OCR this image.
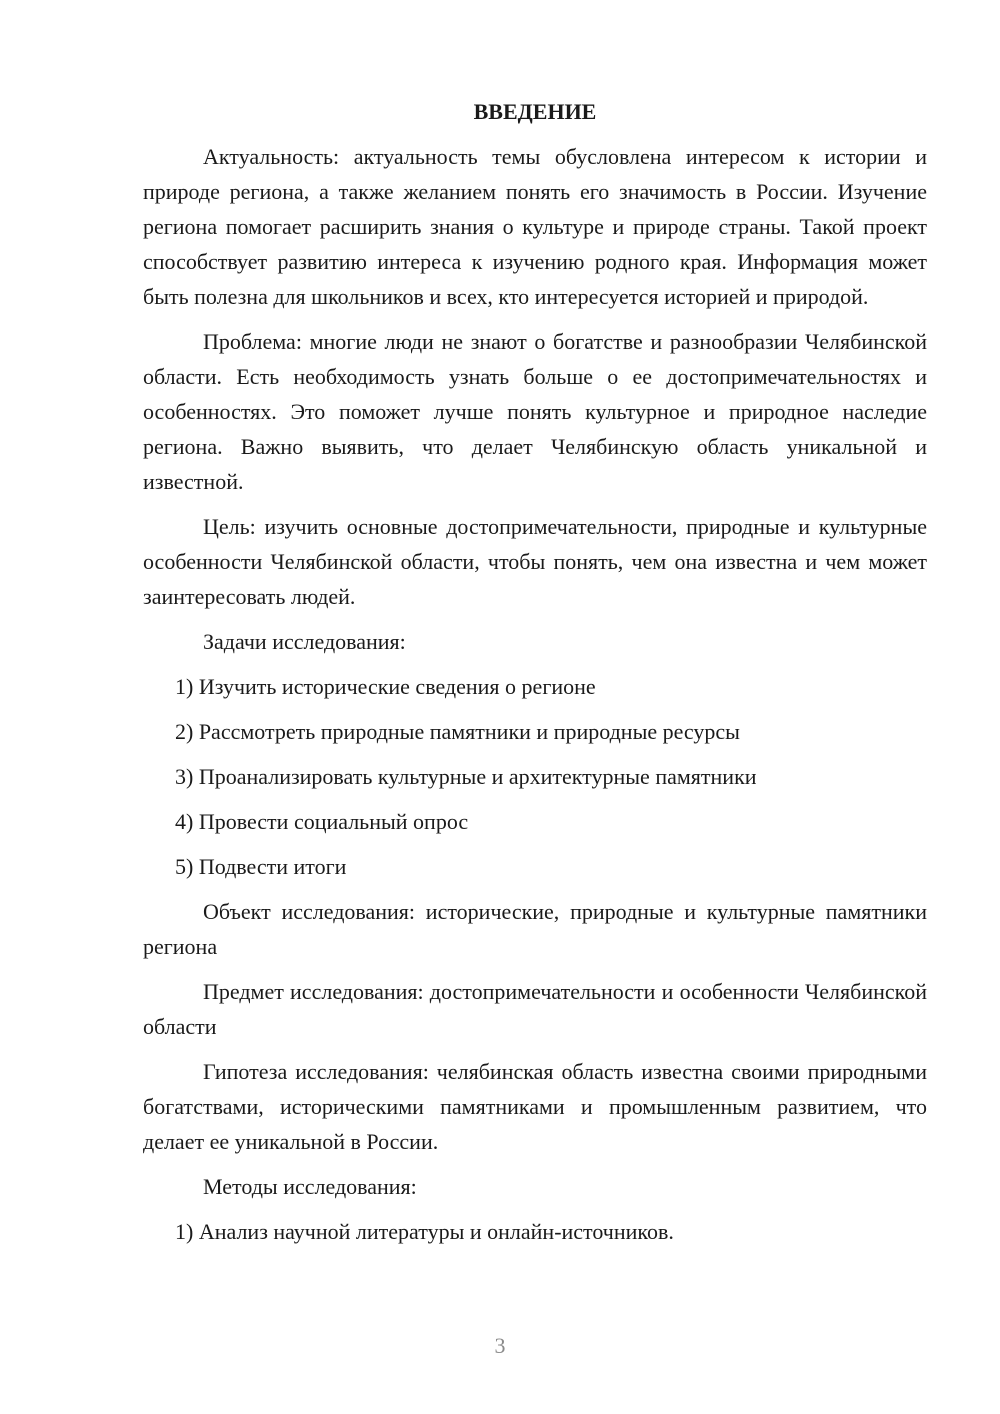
ВВЕДЕНИЕ

Актуальность: актуальность темы обусловлена интересом к истории и природе региона, а также желанием понять его значимость в России. Изучение региона помогает расширить знания о культуре и природе страны. Такой проект способствует развитию интереса к изучению родного края. Информация может быть полезна для школьников и всех, кто интересуется историей и природой.

Проблема: многие люди не знают о богатстве и разнообразии Челябинской области. Есть необходимость узнать больше о ее достопримечательностях и особенностях. Это поможет лучше понять культурное и природное наследие региона. Важно выявить, что делает Челябинскую область уникальной и известной.

Цель: изучить основные достопримечательности, природные и культурные особенности Челябинской области, чтобы понять, чем она известна и чем может заинтересовать людей.

Задачи исследования:

1) Изучить исторические сведения о регионе
2) Рассмотреть природные памятники и природные ресурсы
3) Проанализировать культурные и архитектурные памятники
4) Провести социальный опрос
5) Подвести итоги

Объект исследования: исторические, природные и культурные памятники региона

Предмет исследования: достопримечательности и особенности Челябинской области

Гипотеза исследования: челябинская область известна своими природными богатствами, историческими памятниками и промышленным развитием, что делает ее уникальной в России.

Методы исследования:

1) Анализ научной литературы и онлайн-источников.
3
